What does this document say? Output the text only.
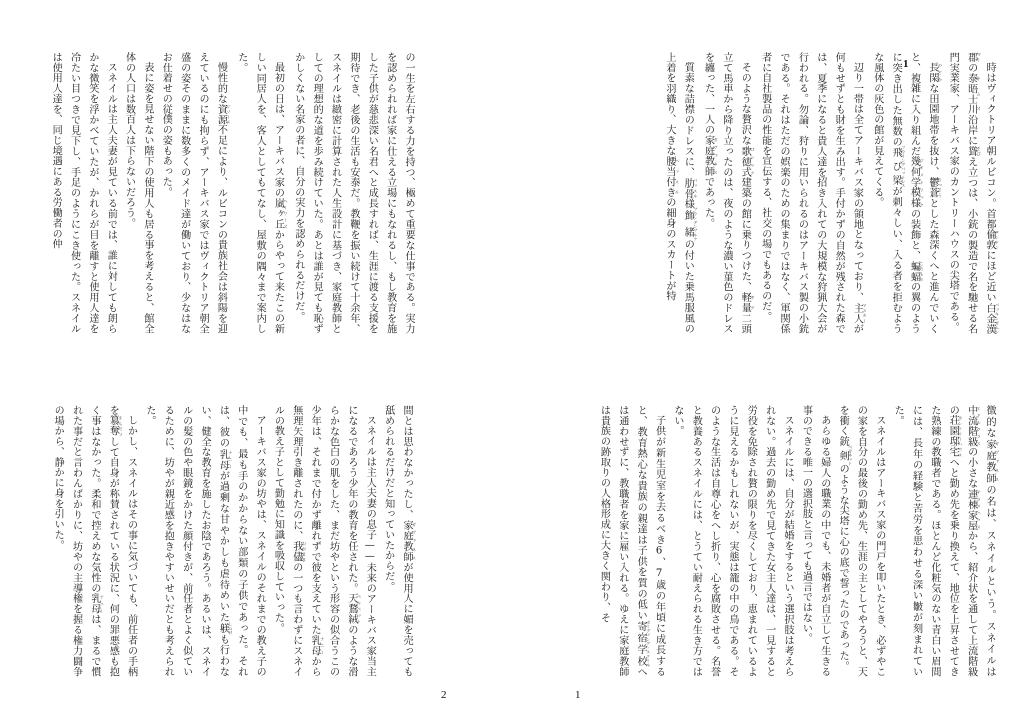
1	時はヴィクトリア朝ルビコン。首都倫敦 ロンドンにほど近い白金漢郡バッキンガムシャーの泰晤士川 テムズ沿岸に聳 そびえ立つは、小銃の製造で名を馳せる名門実業家、アーキバス家のカントリーハウスの尖塔である。

長閑 のどかな田園地帯を抜け、鬱蒼 うっそうとした森深くへと進んでいくと、複雑に入り組んだ幾何学模様 ジオメトリックの装飾と、蝙蝠 こうもりの翼のように突き出した無数の飛び梁 フライングバットレスが刺々しい、入る者を拒むような風体の灰色の館が見えてくる。

辺り一帯は全てアーキバス家の領地となっており、主人 マスターが何もせずとも財を生み出す。手付かずの自然が残された森では、夏季になると貴人達を招き入れての大規模な狩猟大会が行われる。勿論、狩りに用いられるのはアーキバス製の小銃である。それはただの娯楽のための集まりではなく、軍関係者に自社製品の性能を宣伝する、社交の場でもあるのだ。

そのような贅沢な歌徳式 ゴシック建築の館に乗りつけた、軽量 ギグ二頭立て馬車から降り立ったのは、夜のような濃い菫色のドレスを纏った、一人の家庭教師 ガヴァネスであった。

質素な詰襟のドレスに、肋骨 バッスル様飾緒 ブランデンブルクの付いた乗馬服風の上着を羽織り、大きな腰当付き バッスルの細身のスカートが特

の一生を左右する力を持つ、極めて重要な仕事である。実力を認められれば家に仕える立場にもなれるし、もし教育を施した子供が慈悲深い名君へと成長すれば、生涯に渡る支援を期待でき、老後の生活も安泰だ。教鞭を振い続けて十余年、スネイルは緻密に計算された人生設計に基づき、家庭教師としての理想的な道を歩み続けていた。あとは誰が見ても恥ずかしくない名家の者に、自分の実力を認められるだけだ。

最初の日は、アーキバス家の嵐ヶ丘 ヘーワーズからやって来たこの新しい同居人を、客人としてもてなし、屋敷の隅々まで案内した。

慢性的な資源 リソース不足により、ルビコンの貴族社会は斜陽を迎えているのにも拘らず、アーキバス家ではヴィクトリア朝全盛の姿そのままに数多くのメイド達が働いており、少なはなお仕着せの従僕の姿もあった。

表に姿を見せない階下の使用人も居る事を考えると、館全体の人口は数百人は下らないだろう。

スネイルは主人夫妻が見ている前では、誰に対しても朗らかな微笑を浮かべていたが、かれらが目を離すと使用人達を冷たい目つきで見下し、手足のようにこき使った。スネイルは使用人達を、同じ境遇にある労働者の仲

1

徴的な家庭教師 ガヴァネスの名は、スネイルという。スネイルは中流階級 ミドルクラスの小さな連棟家屋 テラスハウスから、紹介状を通して上流階級の荘園邸宅 カントリーハウスへと勤め先を乗り換えて、地位を上昇させてきた熟練の教職者である。ほとんど化粧気のない青白い眉間には、長年の経験と苦労を思わせる深い皺が刻まれていた。

スネイルはアーキバス家の門戸を叩いたとき、必ずやこの家を自分の最後の勤め先、生涯の主としてやろうと、天を衝く銃剣 ベヨネットのような尖塔に心の底で誓ったのであった。

あらゆる婦人の職業の中でも、未婚者が自立して生きる事のできる唯一の選択肢と言っても過言ではない。

スネイルには、自分が結婚をするという選択肢は考えられない。過去の勤め先で見てきた女主人達は、一見すると労役を免除され贅の限りを尽くしており、恵まれているように見えるかもしれないが、実態は籠の中の鳥である。そのような生活は自尊心をへし折り、心を腐敗させる。名誉と教養あるスネイルには、とうてい耐えられる生き方ではない。

子供が新生児室を去るべき6、7歳の年頃に成長すると、教育熱心な貴族の親達は子供を質の低い寄宿学校 ボーディング・スクールへは通わせずに、教職者を家に雇い入れる。ゆえに家庭教師は貴族の跡取りの人格形成に大きく関わり、そ

2

間とは思わなかったし、家庭教師 ガヴァネスが使用人に媚を売っても舐められるだけだと知っていたからだ。

スネイルは主人夫妻の息子——未来のアーキバス家当主になるであろう少年の教育を任された。天鵞絨 ベルベットのような滑らかな色白の肌をした、まだ坊やという形容の似合うこの少年は、それまで付かず離れずで彼を支えていた乳母 ナニーから無理矢理引き離されたのに、我儘 わがままの一つも言わずにスネイルの教え子として勤勉に知識を吸収していった。

アーキバス家の坊やは、スネイルのそれまでの教え子の中でも、最も手のかからない部類の子供であった。それは、彼の乳母 ナニーが過剰な甘やかしも虐待めいた躾 しつけも行わない、健全な教育を施したお陰であろう。あるいは、スネイルの髪の色や眼鏡をかけた顔付きが、前任者とよく似ているために、坊やが親近感を抱きやすいせいだとも考えられた。

しかし、スネイルはその事に気づいても、前任者の手柄を簒奪 さんだつして自身が称賛されている状況に、何の罪悪感も抱く事はなかった。柔和で控えめな気性の乳母 ナニーは、まるで慣れた事だと言わんばかりに、坊やの主導権を握る権力闘争の場から、静かに身を引いた。
